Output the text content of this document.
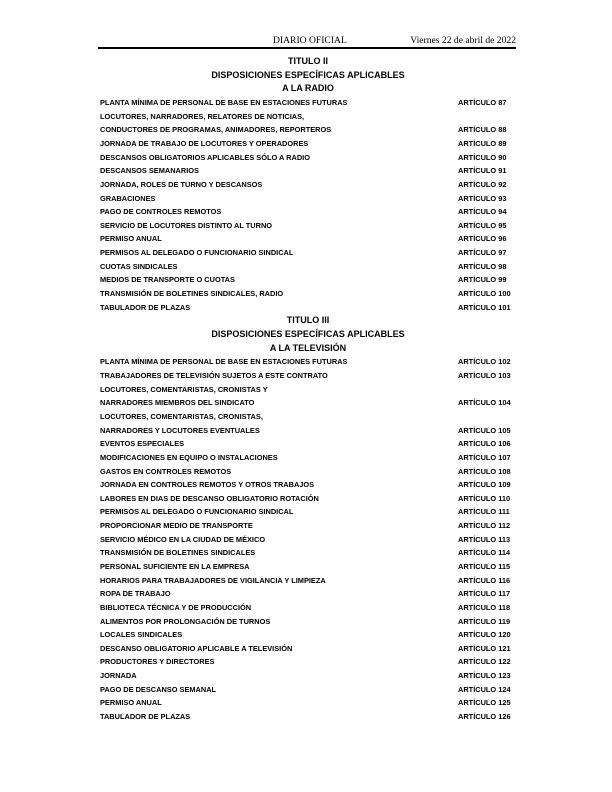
DIARIO OFICIAL	Viernes 22 de abril de 2022
TITULO II
DISPOSICIONES ESPECÍFICAS APLICABLES
A LA RADIO
PLANTA MÍNIMA DE PERSONAL DE BASE EN ESTACIONES FUTURAS	ARTÍCULO 87
LOCUTORES, NARRADORES, RELATORES DE NOTICIAS,
CONDUCTORES DE PROGRAMAS, ANIMADORES, REPORTEROS	ARTÍCULO 88
JORNADA DE TRABAJO DE LOCUTORES Y OPERADORES	ARTÍCULO 89
DESCANSOS OBLIGATORIOS APLICABLES SÓLO A RADIO	ARTÍCULO 90
DESCANSOS SEMANARIOS	ARTÍCULO 91
JORNADA, ROLES DE TURNO Y DESCANSOS	ARTÍCULO 92
GRABACIONES	ARTÍCULO 93
PAGO DE CONTROLES REMOTOS	ARTÍCULO 94
SERVICIO DE LOCUTORES DISTINTO AL TURNO	ARTÍCULO 95
PERMISO ANUAL	ARTÍCULO 96
PERMISOS AL DELEGADO O FUNCIONARIO SINDICAL	ARTÍCULO 97
CUOTAS SINDICALES	ARTÍCULO 98
MEDIOS DE TRANSPORTE O CUOTAS	ARTÍCULO 99
TRANSMISIÓN DE BOLETINES SINDICALES, RADIO	ARTÍCULO 100
TABULADOR DE PLAZAS	ARTÍCULO 101
TITULO III
DISPOSICIONES ESPECÍFICAS APLICABLES
A LA TELEVISIÓN
PLANTA MÍNIMA DE PERSONAL DE BASE EN ESTACIONES FUTURAS	ARTÍCULO 102
TRABAJADORES DE TELEVISIÓN SUJETOS A ESTE CONTRATO	ARTÍCULO 103
LOCUTORES, COMENTARISTAS, CRONISTAS Y
NARRADORES MIEMBROS DEL SINDICATO	ARTÍCULO 104
LOCUTORES, COMENTARISTAS, CRONISTAS,
NARRADORES Y LOCUTORES EVENTUALES	ARTÍCULO 105
EVENTOS ESPECIALES	ARTÍCULO 106
MODIFICACIONES EN EQUIPO O INSTALACIONES	ARTÍCULO 107
GASTOS EN CONTROLES REMOTOS	ARTÍCULO 108
JORNADA EN CONTROLES REMOTOS Y OTROS TRABAJOS	ARTÍCULO 109
LABORES EN DIAS DE DESCANSO OBLIGATORIO ROTACIÓN	ARTÍCULO 110
PERMISOS AL DELEGADO O FUNCIONARIO SINDICAL	ARTÍCULO 111
PROPORCIONAR MEDIO DE TRANSPORTE	ARTÍCULO 112
SERVICIO MÉDICO EN LA CIUDAD DE MÉXICO	ARTÍCULO 113
TRANSMISIÓN DE BOLETINES SINDICALES	ARTÍCULO 114
PERSONAL SUFICIENTE EN LA EMPRESA	ARTÍCULO 115
HORARIOS PARA TRABAJADORES DE VIGILANCIA Y LIMPIEZA	ARTÍCULO 116
ROPA DE TRABAJO	ARTÍCULO 117
BIBLIOTECA TÉCNICA Y DE PRODUCCIÓN	ARTÍCULO 118
ALIMENTOS POR PROLONGACIÓN DE TURNOS	ARTÍCULO 119
LOCALES SINDICALES	ARTÍCULO 120
DESCANSO OBLIGATORIO APLICABLE A TELEVISIÓN	ARTÍCULO 121
PRODUCTORES Y DIRECTORES	ARTÍCULO 122
JORNADA	ARTÍCULO 123
PAGO DE DESCANSO SEMANAL	ARTÍCULO 124
PERMISO ANUAL	ARTÍCULO 125
TABULADOR DE PLAZAS	ARTÍCULO 126
